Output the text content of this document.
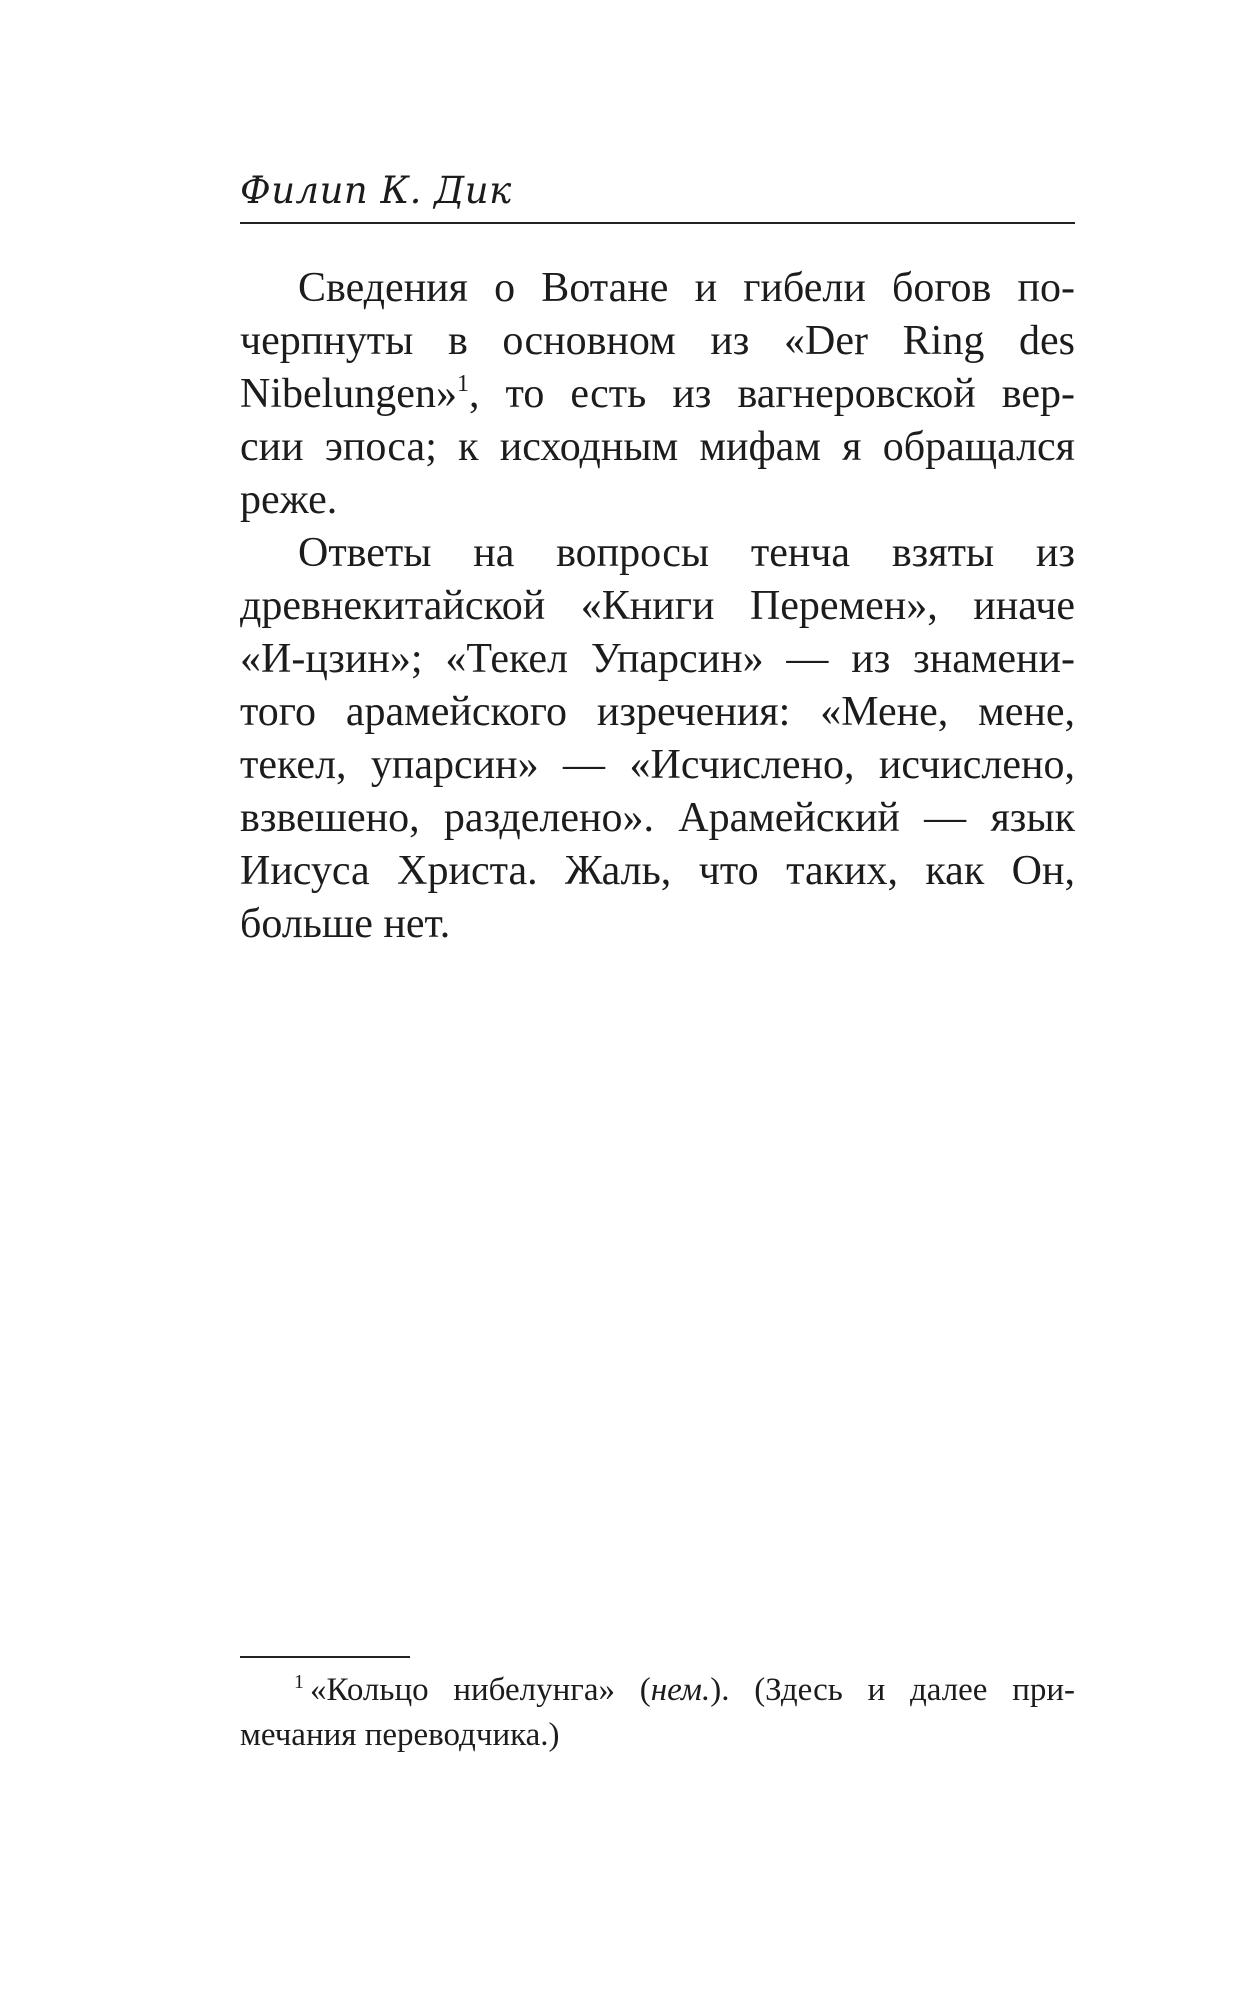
Филип К. Дик
Сведения о Вотане и гибели богов по-
черпнуты в основном из «Der Ring des
Nibelungen»$^1$, то есть из вагнеровской вер-
сии эпоса; к исходным мифам я обращался
реже.
Ответы на вопросы тенча взяты из
древнекитайской «Книги Перемен», иначе
«И-цзин»; «Текел Упарсин» — из знамени-
того арамейского изречения: «Мене, мене,
текел, упарсин» — «Исчислено, исчислено,
взвешено, разделено». Арамейский — язык
Иисуса Христа. Жаль, что таких, как Он,
больше нет.
$^1$ «Кольцо нибелунга» (нем.). (Здесь и далее при-
мечания переводчика.)
